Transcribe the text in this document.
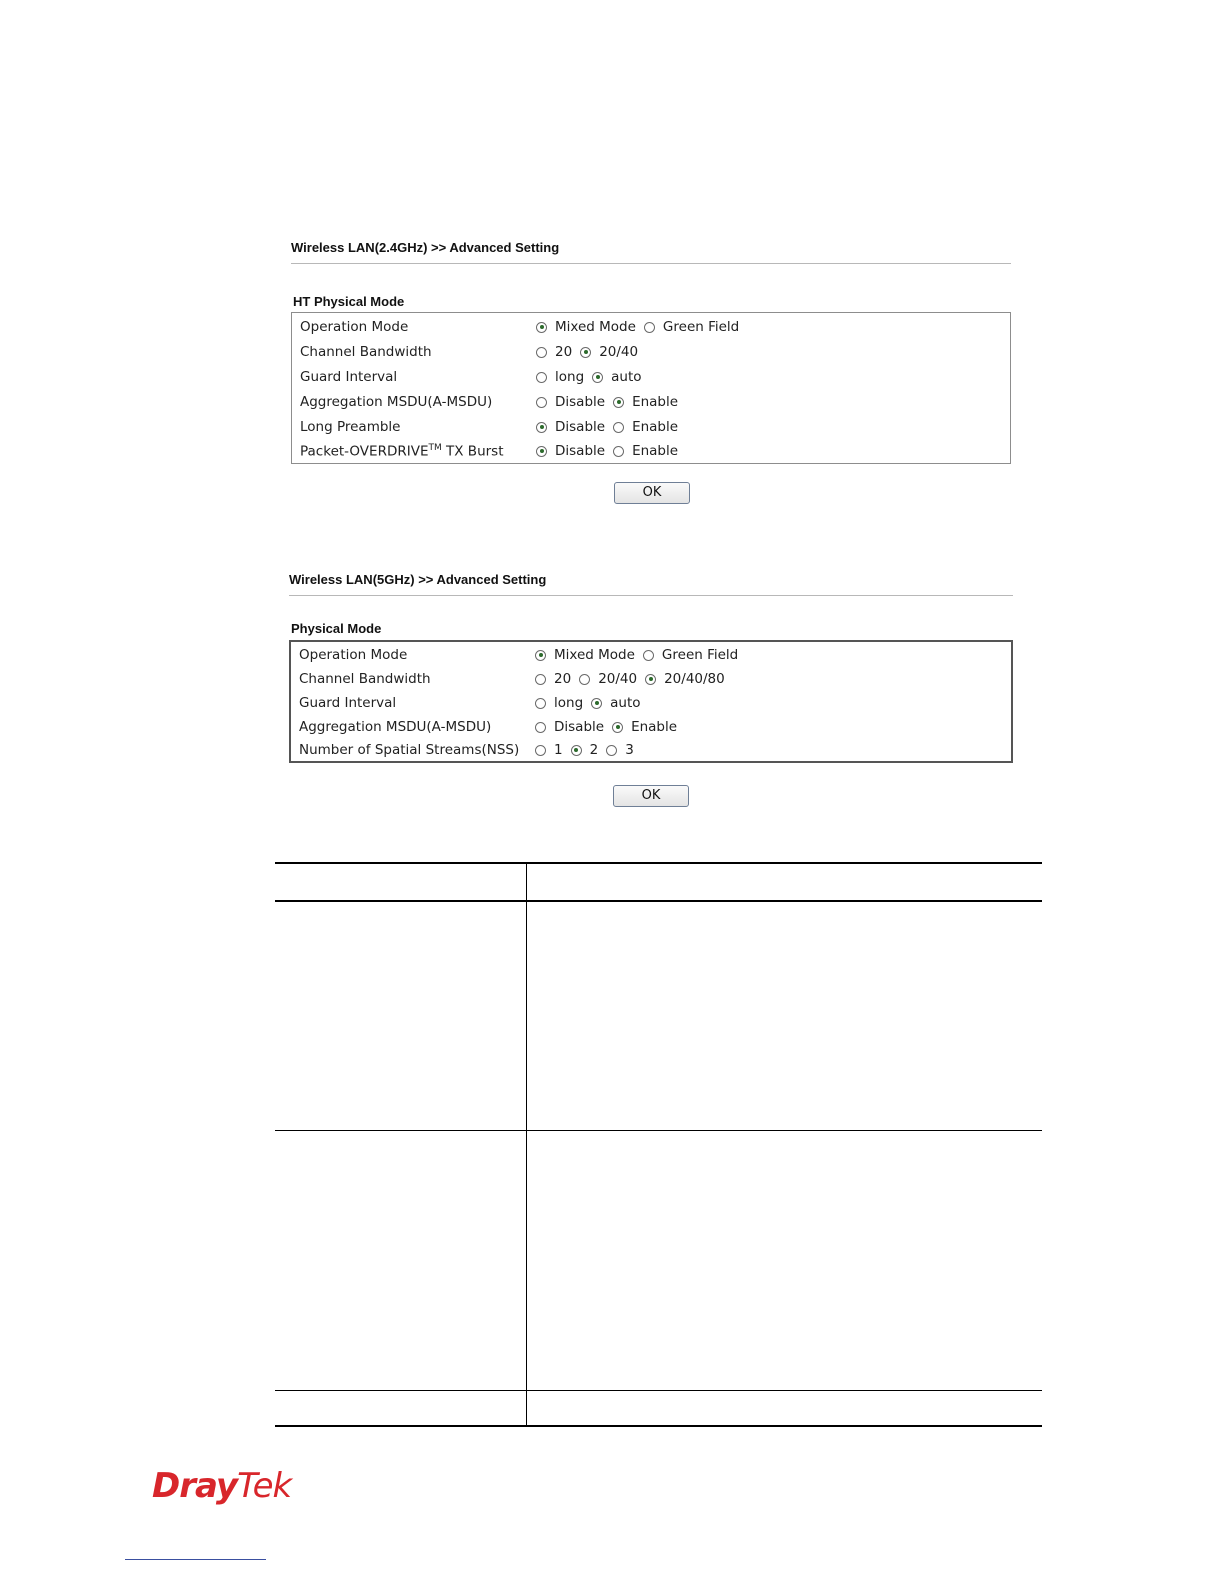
Wireless LAN(2.4GHz) >> Advanced Setting
HT Physical Mode
Operation Mode	Mixed Mode Green Field
Channel Bandwidth	20 20/40
Guard Interval	long auto
Aggregation MSDU(A-MSDU)	Disable Enable
Long Preamble	Disable Enable
Packet-OVERDRIVE™ TX Burst	Disable Enable
OK
Wireless LAN(5GHz) >> Advanced Setting
Physical Mode
Operation Mode	Mixed Mode Green Field
Channel Bandwidth	20 20/40 20/40/80
Guard Interval	long auto
Aggregation MSDU(A-MSDU)	Disable Enable
Number of Spatial Streams(NSS)	1 2 3
OK
DrayTek
